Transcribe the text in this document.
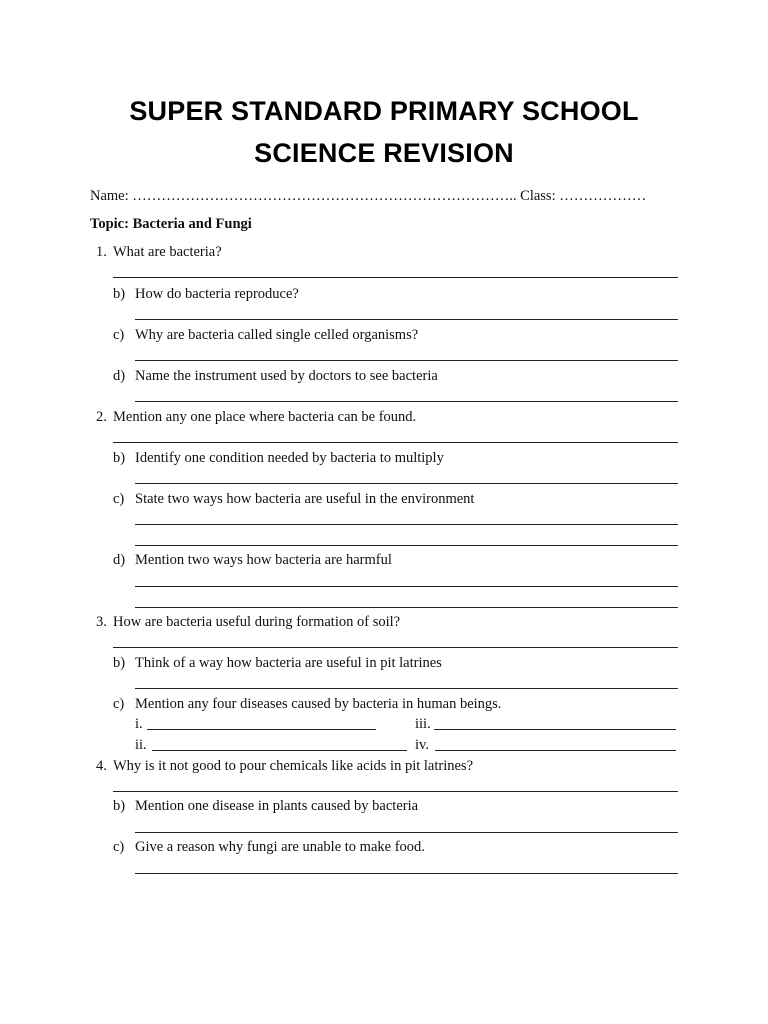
SUPER STANDARD PRIMARY SCHOOL
SCIENCE REVISION
Name: …………………………………………………………………….. Class: ………………
Topic: Bacteria and Fungi
1. What are bacteria?
b) How do bacteria reproduce?
c) Why are bacteria called single celled organisms?
d) Name the instrument used by doctors to see bacteria
2. Mention any one place where bacteria can be found.
b) Identify one condition needed by bacteria to multiply
c) State two ways how bacteria are useful in the environment
d) Mention two ways how bacteria are harmful
3. How are bacteria useful during formation of soil?
b) Think of a way how bacteria are useful in pit latrines
c) Mention any four diseases caused by bacteria in human beings.
i.	iii.
ii.	iv.
4. Why is it not good to pour chemicals like acids in pit latrines?
b) Mention one disease in plants caused by bacteria
c) Give a reason why fungi are unable to make food.
